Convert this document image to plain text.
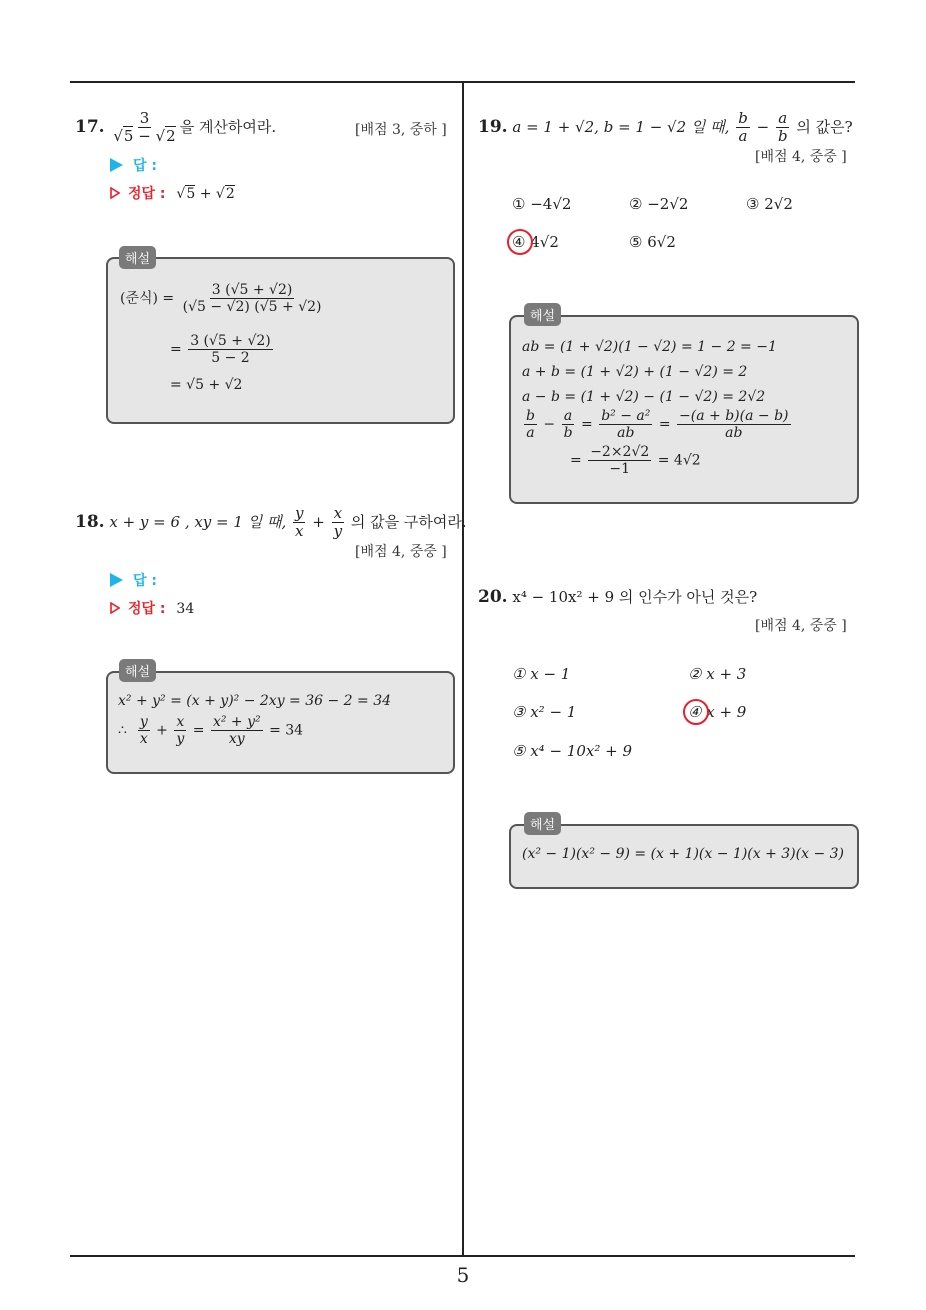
17. $\frac{3}{√5 - √2}$ 을 계산하여라.	[배점 3, 중하 ]
답 :
정답 : √5 + √2
해설
(준식) = $\frac{3 (√5 + √2)}{(√5 - √2) (√5 + √2)}$
= $\frac{3 (√5 + √2)}{5 - 2}$
= √5 + √2
18. x + y = 6 , xy = 1 일 때, $\frac{y}{x} + \frac{x}{y}$ 의 값을 구하여라.
[배점 4, 중중 ]
답 :
정답 : 34
해설
x² + y² = (x + y)² − 2xy = 36 − 2 = 34
∴ $\frac{y}{x} + \frac{x}{y} = \frac{\text{x² + y²}}{xy} = 34$
19. a = 1 + √2, b = 1 − √2 일 때, $\frac{b}{a} - \frac{a}{b}$ 의 값은?
[배점 4, 중중 ]
① −4√2	② −2√2	③ 2√2
④ 4√2	⑤ 6√2
해설
ab = (1 + √2)(1 − √2) = 1 − 2 = −1
a + b = (1 + √2) + (1 − √2) = 2
a − b = (1 + √2) − (1 − √2) = 2√2
$\frac{b}{a} - \frac{a}{b} = \frac{\text{b² − a²}}{ab} = \frac{-(a + b)(a - b)}{ab}$
= $\frac{-2\times 2√2}{-1} = 4√2$
20. x⁴ − 10x² + 9 의 인수가 아닌 것은?
[배점 4, 중중 ]
① x − 1	② x + 3
③ x² − 1	④ x + 9
⑤ x⁴ − 10x² + 9
해설
(x² − 1)(x² − 9) = (x + 1)(x − 1)(x + 3)(x − 3)
5
